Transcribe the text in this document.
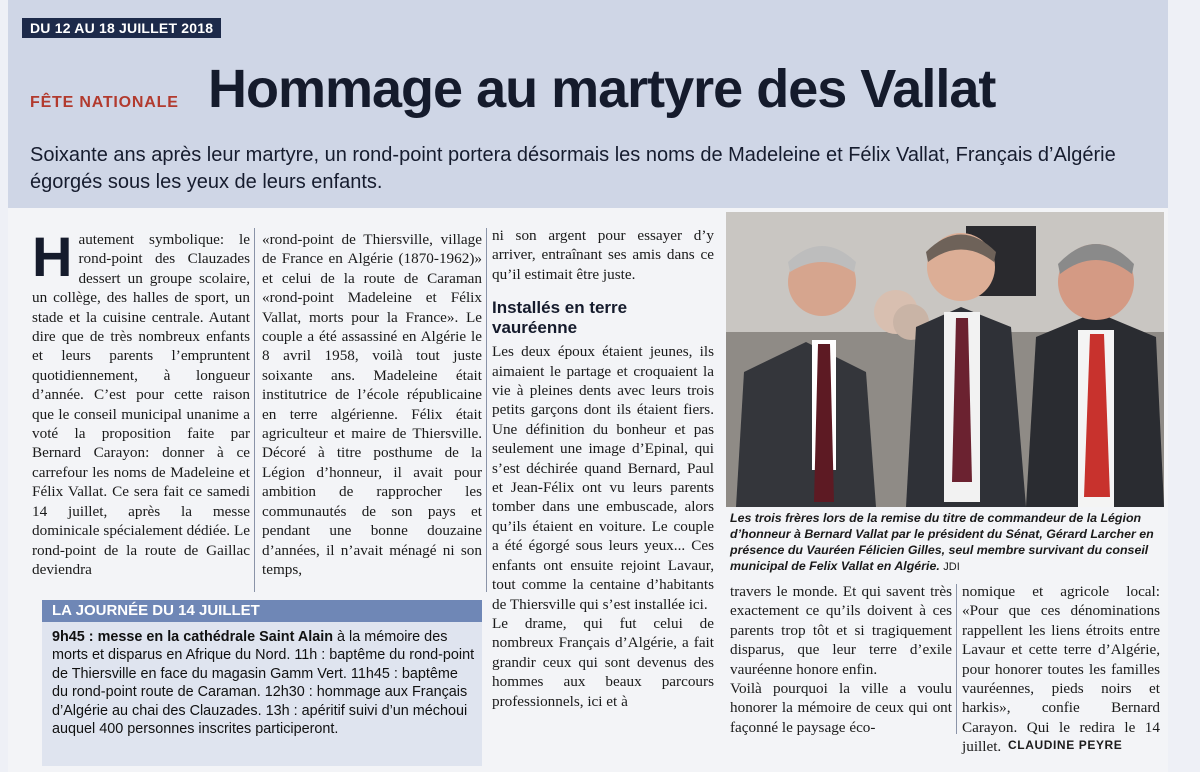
DU 12 AU 18 JUILLET 2018
FÊTE NATIONALE Hommage au martyre des Vallat

Soixante ans après leur martyre, un rond-point portera désormais les noms de Madeleine et Félix Vallat, Français d’Algérie égorgés sous les yeux de leurs enfants.

H autement symbolique: le rond-point des Clauzades dessert un groupe scolaire, un collège, des halles de sport, un stade et la cuisine centrale. Autant dire que de très nombreux enfants et leurs parents l’empruntent quotidiennement, à longueur d’année. C’est pour cette raison que le conseil municipal unanime a voté la proposition faite par Bernard Carayon: donner à ce carrefour les noms de Madeleine et Félix Vallat. Ce sera fait ce samedi 14 juillet, après la messe dominicale spécialement dédiée. Le rond-point de la route de Gaillac deviendra
«rond-point de Thiersville, village de France en Algérie (1870-1962)» et celui de la route de Caraman «rond-point Madeleine et Félix Vallat, morts pour la France». Le couple a été assassiné en Algérie le 8 avril 1958, voilà tout juste soixante ans. Madeleine était institutrice de l’école républicaine en terre algérienne. Félix était agriculteur et maire de Thiersville. Décoré à titre posthume de la Légion d’honneur, il avait pour ambition de rapprocher les communautés de son pays et pendant une bonne douzaine d’années, il n’avait ménagé ni son temps,

ni son argent pour essayer d’y arriver, entraînant ses amis dans ce qu’il estimait être juste.

Installés en terre vauréenne

Les deux époux étaient jeunes, ils aimaient le partage et croquaient la vie à pleines dents avec leurs trois petits garçons dont ils étaient fiers. Une définition du bonheur et pas seulement une image d’Epinal, qui s’est déchirée quand Bernard, Paul et Jean-Félix ont vu leurs parents tomber dans une embuscade, alors qu’ils étaient en voiture. Le couple a été égorgé sous leurs yeux... Ces enfants ont ensuite rejoint Lavaur, tout comme la centaine d’habitants de Thiersville qui s’est installée ici.

Le drame, qui fut celui de nombreux Français d’Algérie, a fait grandir ceux qui sont devenus des hommes aux beaux parcours professionnels, ici et à

Les trois frères lors de la remise du titre de commandeur de la Légion d’honneur à Bernard Vallat par le président du Sénat, Gérard Larcher en présence du Vauréen Félicien Gilles, seul membre survivant du conseil municipal de Felix Vallat en Algérie. JDI

LA JOURNÉE DU 14 JUILLET

9h45 : messe en la cathédrale Saint Alain à la mémoire des morts et disparus en Afrique du Nord. 11h : baptême du rond-point de Thiersville en face du magasin Gamm Vert. 11h45 : baptême du rond-point route de Caraman. 12h30 : hommage aux Français d’Algérie au chai des Clauzades. 13h : apéritif suivi d’un méchoui auquel 400 personnes inscrites participeront.

travers le monde. Et qui savent très exactement ce qu’ils doivent à ces parents trop tôt et si tragiquement disparus, que leur terre d’exile vauréenne honore enfin.

Voilà pourquoi la ville a voulu honorer la mémoire de ceux qui ont façonné le paysage éco-

nomique et agricole local: «Pour que ces dénominations rappellent les liens étroits entre Lavaur et cette terre d’Algérie, pour honorer toutes les familles vauréennes, pieds noirs et harkis», confie Bernard Carayon. Qui le redira le 14 juillet. CLAUDINE PEYRE
